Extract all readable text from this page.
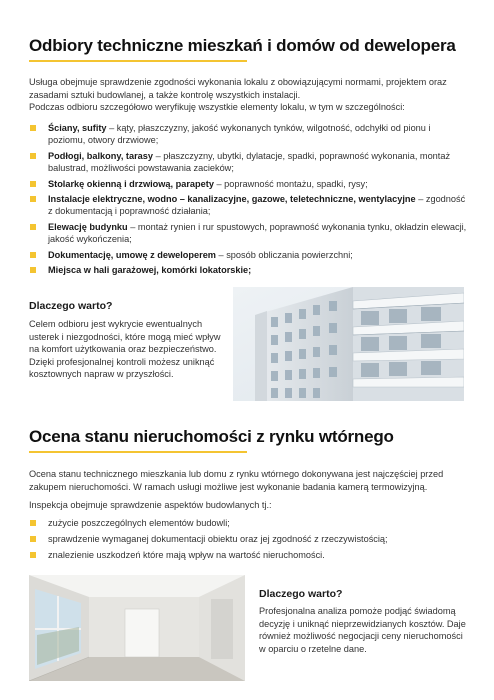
Odbiory techniczne mieszkań i domów od dewelopera
Usługa obejmuje sprawdzenie zgodności wykonania lokalu z obowiązującymi normami, projektem oraz zasadami sztuki budowlanej, a także kontrolę wszystkich instalacji.
Podczas odbioru szczegółowo weryfikuję wszystkie elementy lokalu, w tym w szczególności:
Ściany, sufity – kąty, płaszczyzny, jakość wykonanych tynków, wilgotność, odchyłki od pionu i poziomu, otwory drzwiowe;
Podłogi, balkony, tarasy – płaszczyzny, ubytki, dylatacje, spadki, poprawność wykonania, montaż balustrad, możliwości powstawania zacieków;
Stolarkę okienną i drzwiową, parapety – poprawność montażu, spadki, rysy;
Instalacje elektryczne, wodno – kanalizacyjne, gazowe, teletechniczne, wentylacyjne – zgodność z dokumentacją i poprawność działania;
Elewację budynku – montaż rynien i rur spustowych, poprawność wykonania tynku, okładzin elewacji, jakość wykończenia;
Dokumentację, umowę z deweloperem – sposób obliczania powierzchni;
Miejsca w hali garażowej, komórki lokatorskie;
Dlaczego warto?
Celem odbioru jest wykrycie ewentualnych usterek i niezgodności, które mogą mieć wpływ na komfort użytkowania oraz bezpieczeństwo. Dzięki profesjonalnej kontroli możesz uniknąć kosztownych napraw w przyszłości.
Ocena stanu nieruchomości z rynku wtórnego
Ocena stanu technicznego mieszkania lub domu z rynku wtórnego dokonywana jest najczęściej przed zakupem nieruchomości. W ramach usługi możliwe jest wykonanie badania kamerą termowizyjną.
Inspekcja obejmuje sprawdzenie aspektów budowlanych tj.:
zużycie poszczególnych elementów budowli;
sprawdzenie wymaganej dokumentacji obiektu oraz jej zgodność z rzeczywistością;
znalezienie uszkodzeń które mają wpływ na wartość nieruchomości.
Dlaczego warto?
Profesjonalna analiza pomoże podjąć świadomą decyzję i uniknąć nieprzewidzianych kosztów. Daje również możliwość negocjacji ceny nieruchomości w oparciu o rzetelne dane.
